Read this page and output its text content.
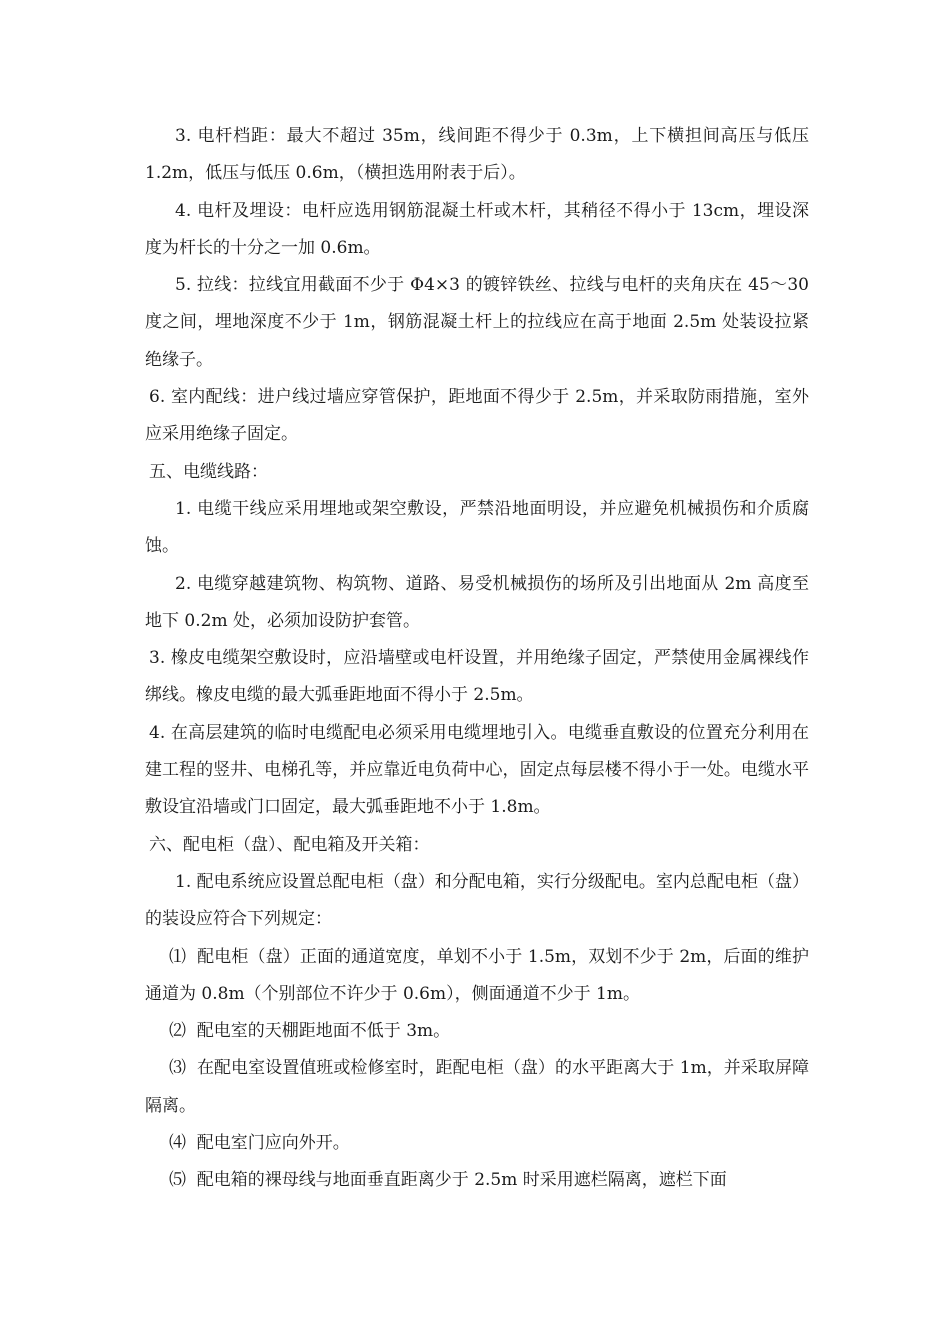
3. 电杆档距：最大不超过 35m，线间距不得少于 0.3m，上下横担间高压与低压 1.2m，低压与低压 0.6m，（横担选用附表于后）。

4. 电杆及埋设：电杆应选用钢筋混凝土杆或木杆，其稍径不得小于 13cm，埋设深度为杆长的十分之一加 0.6m。

5. 拉线：拉线宜用截面不少于 Φ4×3 的镀锌铁丝、拉线与电杆的夹角庆在 45～30 度之间，埋地深度不少于 1m，钢筋混凝土杆上的拉线应在高于地面 2.5m 处装设拉紧绝缘子。

6. 室内配线：进户线过墙应穿管保护，距地面不得少于 2.5m，并采取防雨措施，室外应采用绝缘子固定。

五、电缆线路：

1. 电缆干线应采用埋地或架空敷设，严禁沿地面明设，并应避免机械损伤和介质腐蚀。

2. 电缆穿越建筑物、构筑物、道路、易受机械损伤的场所及引出地面从 2m 高度至地下 0.2m 处，必须加设防护套管。

3. 橡皮电缆架空敷设时，应沿墙壁或电杆设置，并用绝缘子固定，严禁使用金属裸线作绑线。橡皮电缆的最大弧垂距地面不得小于 2.5m。

4. 在高层建筑的临时电缆配电必须采用电缆埋地引入。电缆垂直敷设的位置充分利用在建工程的竖井、电梯孔等，并应靠近电负荷中心，固定点每层楼不得小于一处。电缆水平敷设宜沿墙或门口固定，最大弧垂距地不小于 1.8m。

六、配电柜（盘）、配电箱及开关箱：

1. 配电系统应设置总配电柜（盘）和分配电箱，实行分级配电。室内总配电柜（盘）的装设应符合下列规定：

⑴  配电柜（盘）正面的通道宽度，单划不小于 1.5m，双划不少于 2m，后面的维护通道为 0.8m（个别部位不许少于 0.6m），侧面通道不少于 1m。

⑵  配电室的天棚距地面不低于 3m。

⑶  在配电室设置值班或检修室时，距配电柜（盘）的水平距离大于 1m，并采取屏障隔离。

⑷  配电室门应向外开。

⑸  配电箱的裸母线与地面垂直距离少于 2.5m 时采用遮栏隔离，遮栏下面
